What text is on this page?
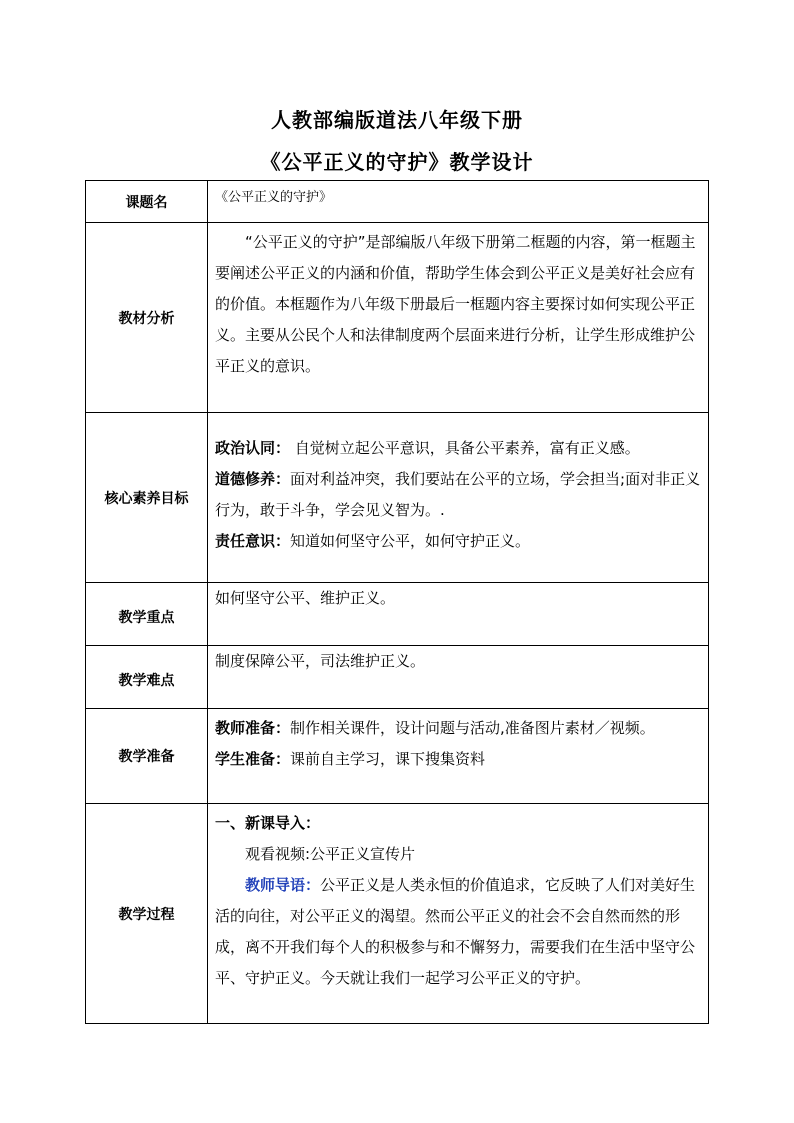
人教部编版道法八年级下册
《公平正义的守护》教学设计
课题名	《公平正义的守护》

教材分析	“公平正义的守护”是部编版八年级下册第二框题的内容，第一框题主要阐述公平正义的内涵和价值，帮助学生体会到公平正义是美好社会应有的价值。本框题作为八年级下册最后一框题内容主要探讨如何实现公平正义。主要从公民个人和法律制度两个层面来进行分析，让学生形成维护公平正义的意识。

核心素养目标	政治认同： 自觉树立起公平意识，具备公平素养，富有正义感。

道德修养：面对利益冲突，我们要站在公平的立场，学会担当;面对非正义行为，敢于斗争，学会见义智为。.

责任意识：知道如何坚守公平，如何守护正义。

教学重点	如何坚守公平、维护正义。

教学难点	制度保障公平，司法维护正义。

教学准备	教师准备：制作相关课件，设计问题与活动,准备图片素材／视频。

学生准备：课前自主学习，课下搜集资料

教学过程	一、新课导入：

观看视频:公平正义宣传片

教师导语：公平正义是人类永恒的价值追求，它反映了人们对美好生活的向往，对公平正义的渴望。然而公平正义的社会不会自然而然的形成，离不开我们每个人的积极参与和不懈努力，需要我们在生活中坚守公平、守护正义。今天就让我们一起学习公平正义的守护。
